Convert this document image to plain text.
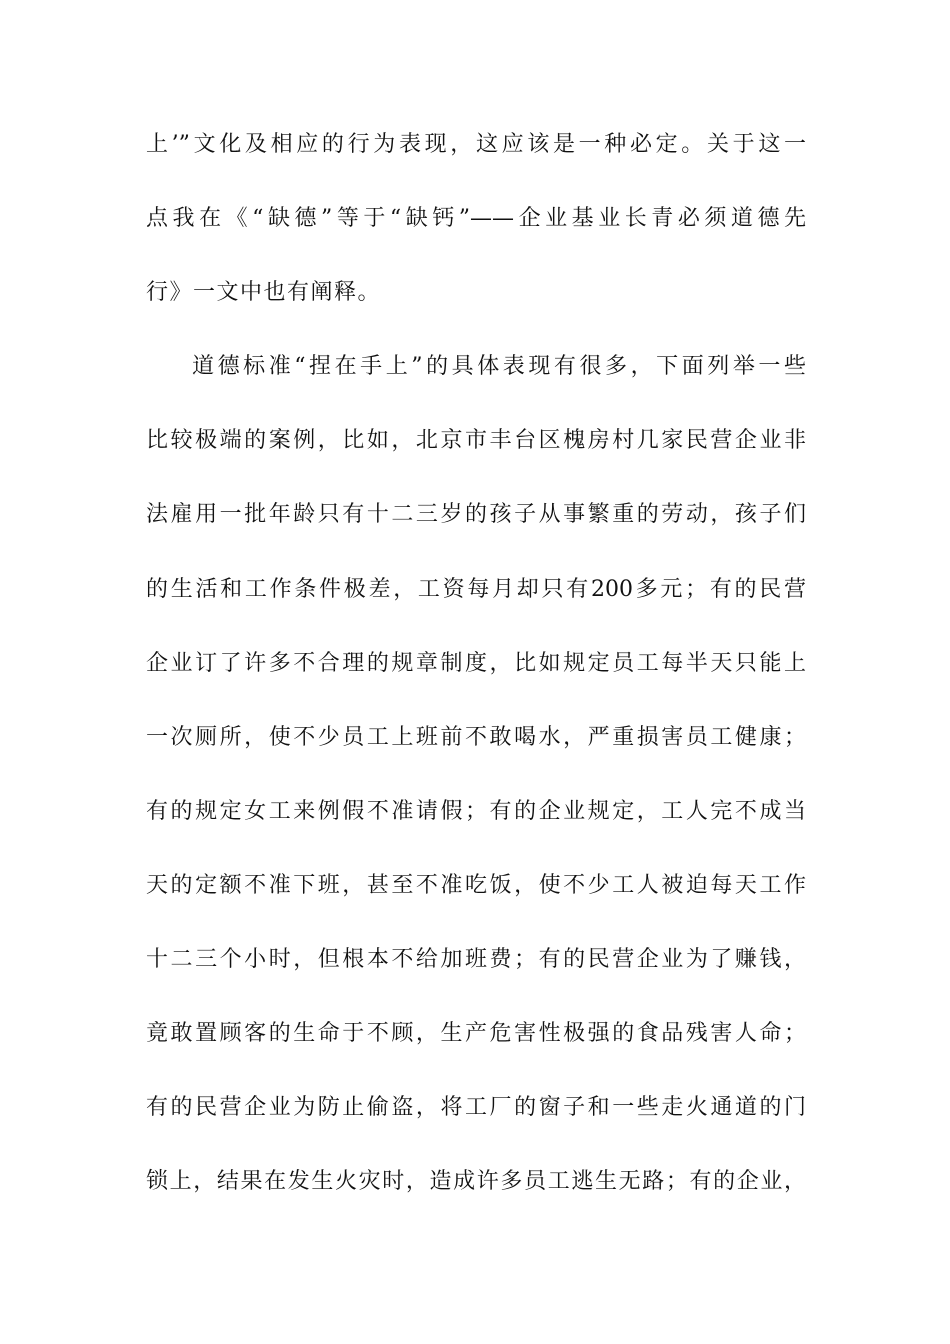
上’”文化及相应的行为表现，这应该是一种必定。关于这一
点我在《“缺德”等于“缺钙”——企业基业长青必须道德先
行》一文中也有阐释。
道德标准“捏在手上”的具体表现有很多，下面列举一些
比较极端的案例，比如，北京市丰台区槐房村几家民营企业非
法雇用一批年龄只有十二三岁的孩子从事繁重的劳动，孩子们
的生活和工作条件极差，工资每月却只有200多元；有的民营
企业订了许多不合理的规章制度，比如规定员工每半天只能上
一次厕所，使不少员工上班前不敢喝水，严重损害员工健康；
有的规定女工来例假不准请假；有的企业规定，工人完不成当
天的定额不准下班，甚至不准吃饭，使不少工人被迫每天工作
十二三个小时，但根本不给加班费；有的民营企业为了赚钱，
竟敢置顾客的生命于不顾，生产危害性极强的食品残害人命；
有的民营企业为防止偷盗，将工厂的窗子和一些走火通道的门
锁上，结果在发生火灾时，造成许多员工逃生无路；有的企业，
